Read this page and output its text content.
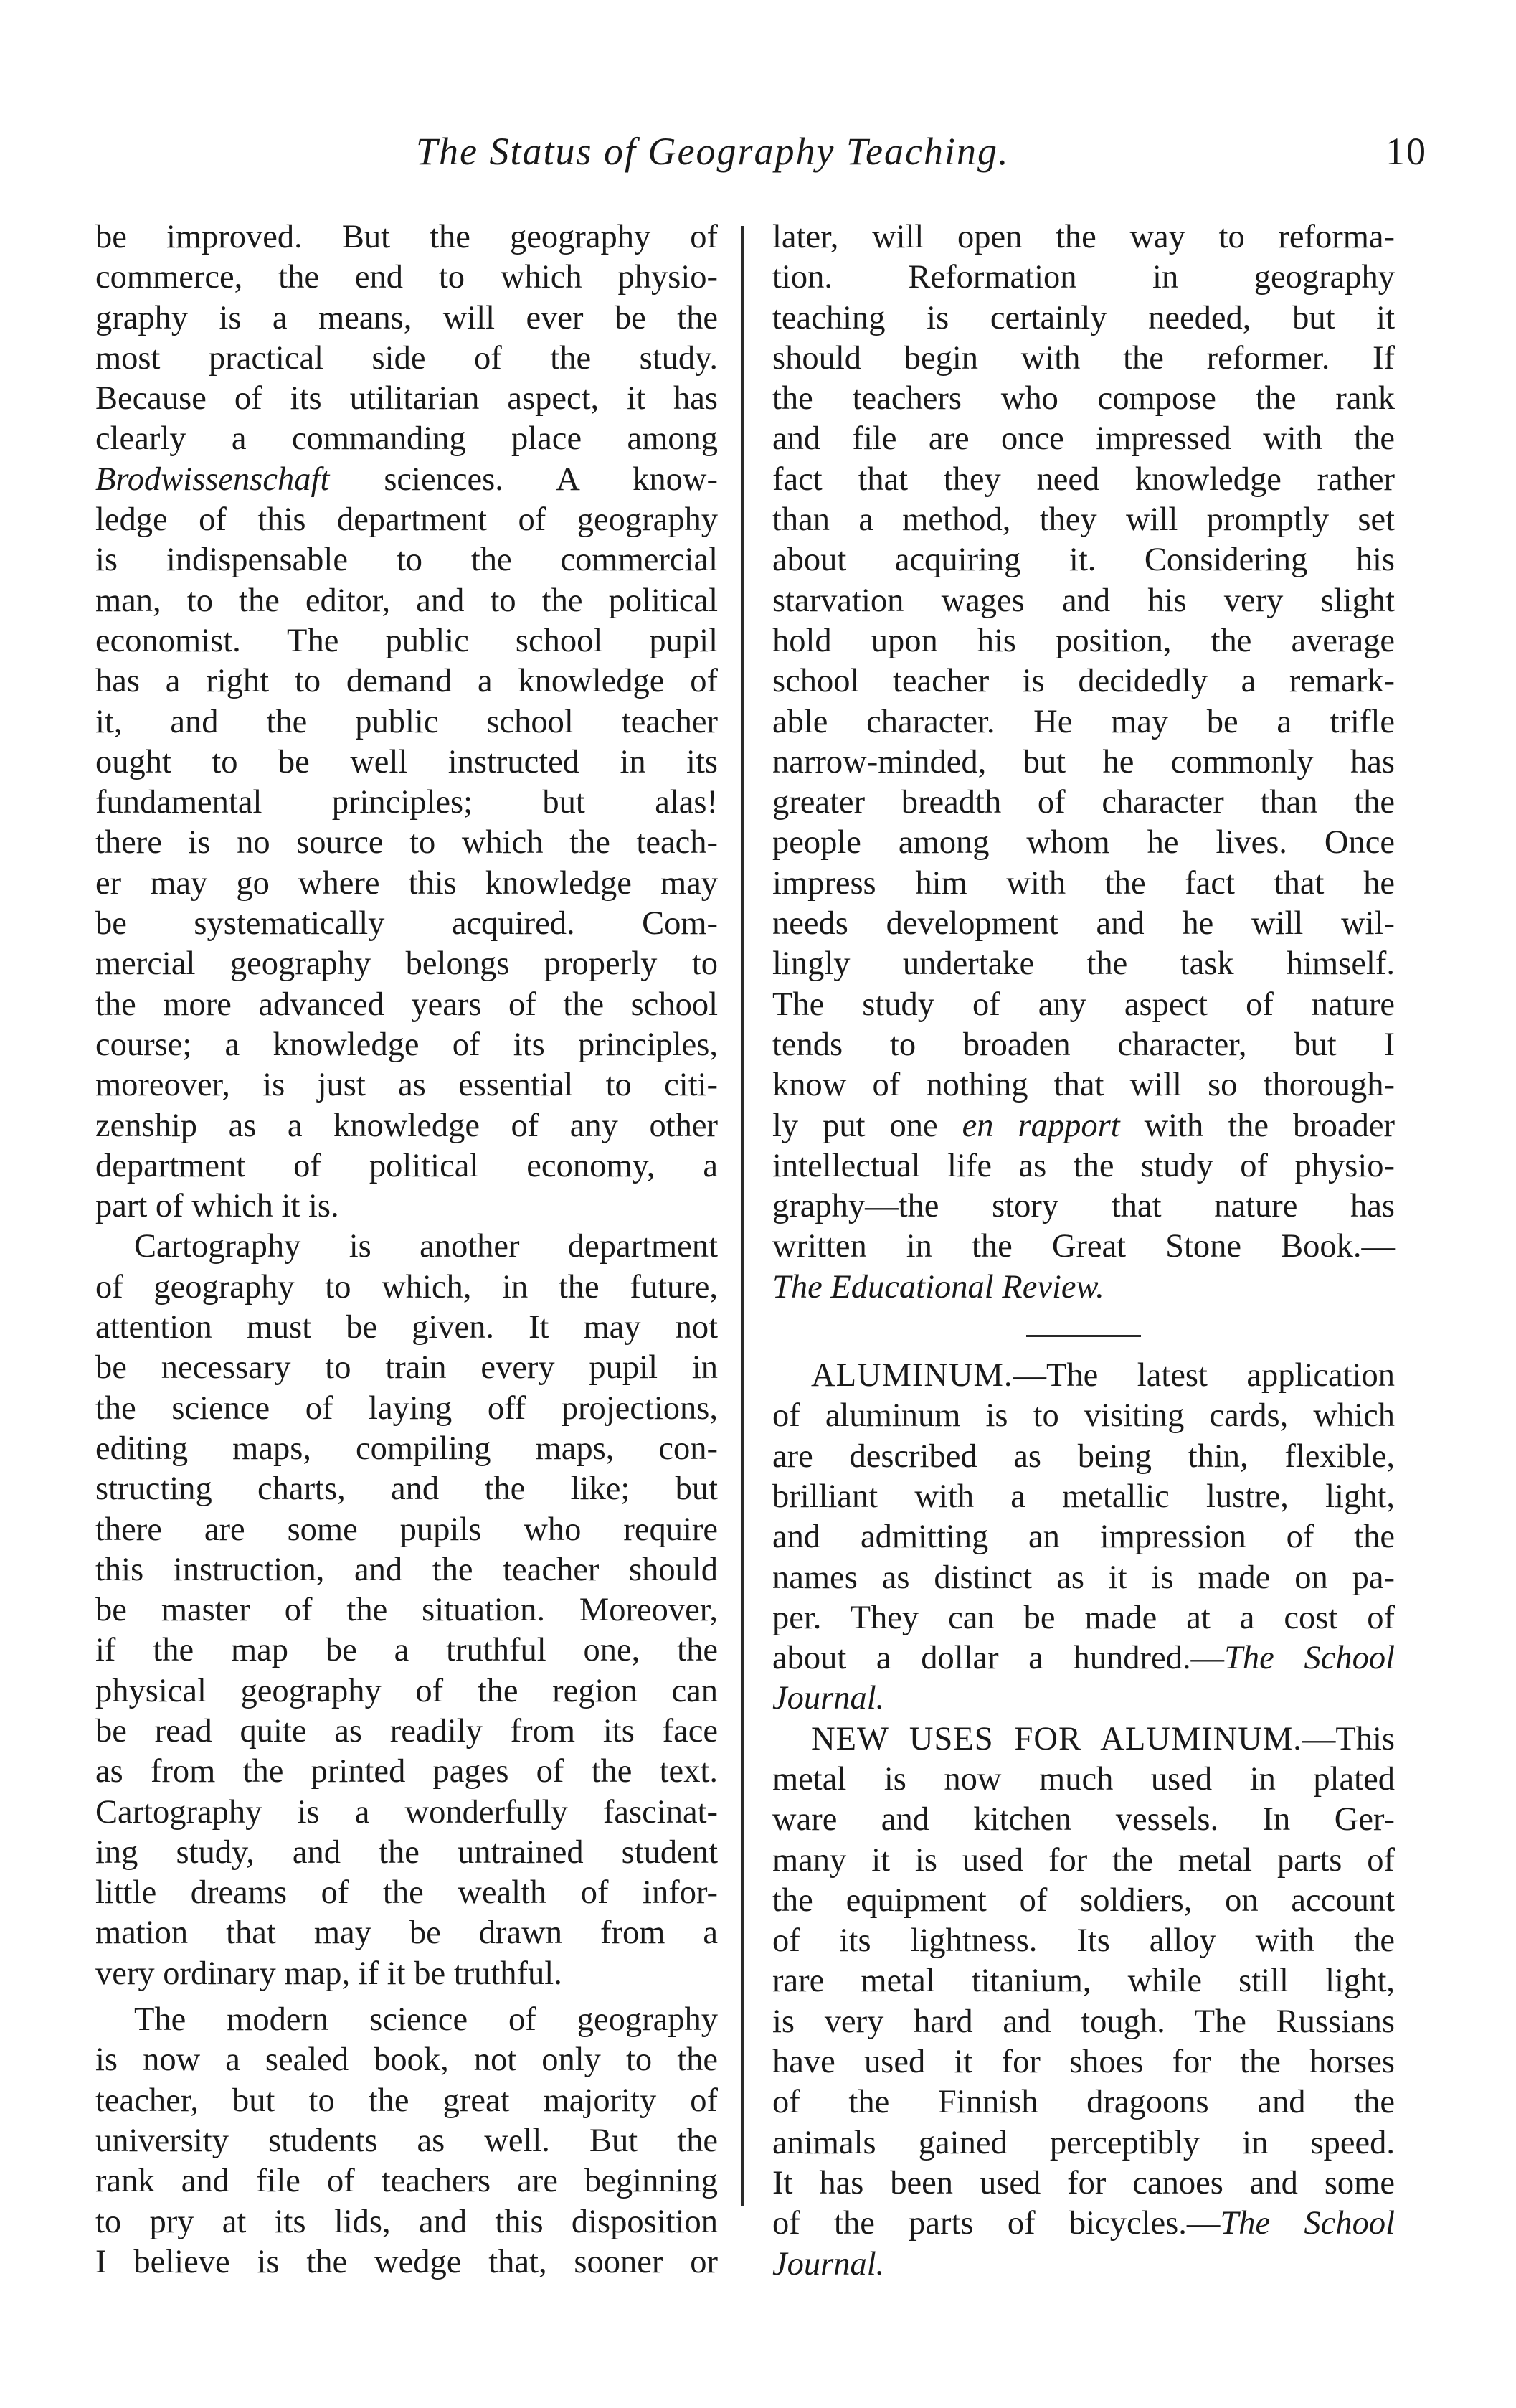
The Status of Geography Teaching.	10
be improved. But the geography of
commerce, the end to which physio-
graphy is a means, will ever be the
most practical side of the study.
Because of its utilitarian aspect, it has
clearly a commanding place among
Brodwissenschaft sciences. A know-
ledge of this department of geography
is indispensable to the commercial
man, to the editor, and to the political
economist. The public school pupil
has a right to demand a knowledge of
it, and the public school teacher
ought to be well instructed in its
fundamental principles; but alas!
there is no source to which the teach-
er may go where this knowledge may
be systematically acquired. Com-
mercial geography belongs properly to
the more advanced years of the school
course; a knowledge of its principles,
moreover, is just as essential to citi-
zenship as a knowledge of any other
department of political economy, a
part of which it is.
Cartography is another department
of geography to which, in the future,
attention must be given. It may not
be necessary to train every pupil in
the science of laying off projections,
editing maps, compiling maps, con-
structing charts, and the like; but
there are some pupils who require
this instruction, and the teacher should
be master of the situation. Moreover,
if the map be a truthful one, the
physical geography of the region can
be read quite as readily from its face
as from the printed pages of the text.
Cartography is a wonderfully fascinat-
ing study, and the untrained student
little dreams of the wealth of infor-
mation that may be drawn from a
very ordinary map, if it be truthful.
The modern science of geography
is now a sealed book, not only to the
teacher, but to the great majority of
university students as well. But the
rank and file of teachers are beginning
to pry at its lids, and this disposition
I believe is the wedge that, sooner or
later, will open the way to reforma-
tion. Reformation in geography
teaching is certainly needed, but it
should begin with the reformer. If
the teachers who compose the rank
and file are once impressed with the
fact that they need knowledge rather
than a method, they will promptly set
about acquiring it. Considering his
starvation wages and his very slight
hold upon his position, the average
school teacher is decidedly a remark-
able character. He may be a trifle
narrow-minded, but he commonly has
greater breadth of character than the
people among whom he lives. Once
impress him with the fact that he
needs development and he will wil-
lingly undertake the task himself.
The study of any aspect of nature
tends to broaden character, but I
know of nothing that will so thorough-
ly put one en rapport with the broader
intellectual life as the study of physio-
graphy—the story that nature has
written in the Great Stone Book.—
The Educational Review.
ALUMINUM.—The latest application
of aluminum is to visiting cards, which
are described as being thin, flexible,
brilliant with a metallic lustre, light,
and admitting an impression of the
names as distinct as it is made on pa-
per. They can be made at a cost of
about a dollar a hundred.—The School
Journal.
NEW USES FOR ALUMINUM.—This
metal is now much used in plated
ware and kitchen vessels. In Ger-
many it is used for the metal parts of
the equipment of soldiers, on account
of its lightness. Its alloy with the
rare metal titanium, while still light,
is very hard and tough. The Russians
have used it for shoes for the horses
of the Finnish dragoons and the
animals gained perceptibly in speed.
It has been used for canoes and some
of the parts of bicycles.—The School
Journal.
